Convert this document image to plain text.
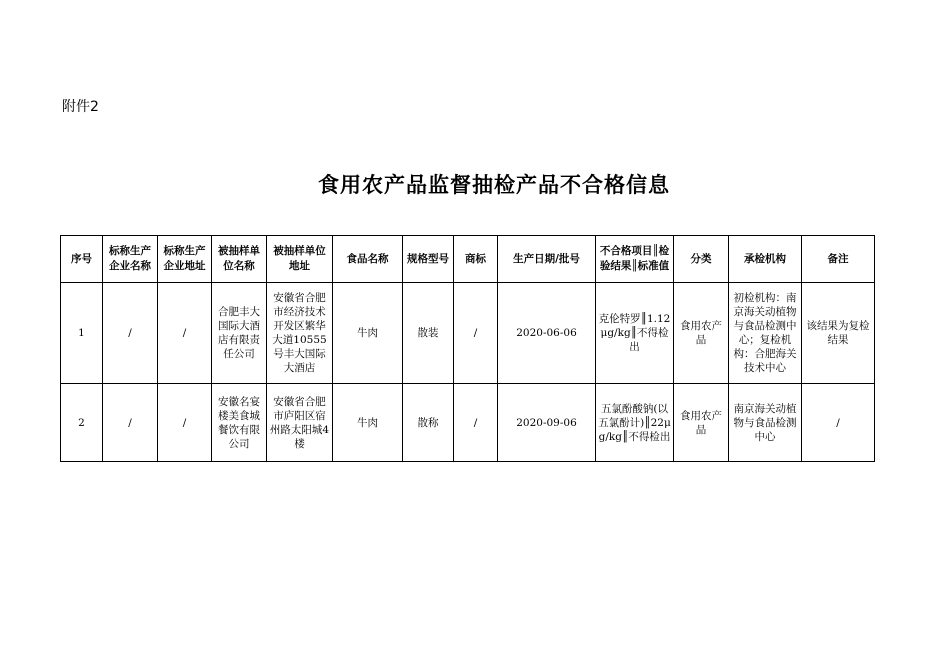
附件2
食用农产品监督抽检产品不合格信息
序号	标称生产企业名称	标称生产企业地址	被抽样单位名称	被抽样单位地址	食品名称	规格型号	商标	生产日期/批号	不合格项目║检验结果║标准值	分类	承检机构	备注
1	/	/	合肥丰大国际大酒店有限责任公司	安徽省合肥市经济技术开发区繁华大道10555号丰大国际大酒店	牛肉	散装	/	2020-06-06	克伦特罗║1.12μg/kg║不得检出	食用农产品	初检机构：南京海关动植物与食品检测中心；复检机构：合肥海关技术中心	该结果为复检结果
2	/	/	安徽名宴楼美食城餐饮有限公司	安徽省合肥市庐阳区宿州路太阳城4楼	牛肉	散称	/	2020-09-06	五氯酚酸钠(以五氯酚计)║22μg/kg║不得检出	食用农产品	南京海关动植物与食品检测中心	/
